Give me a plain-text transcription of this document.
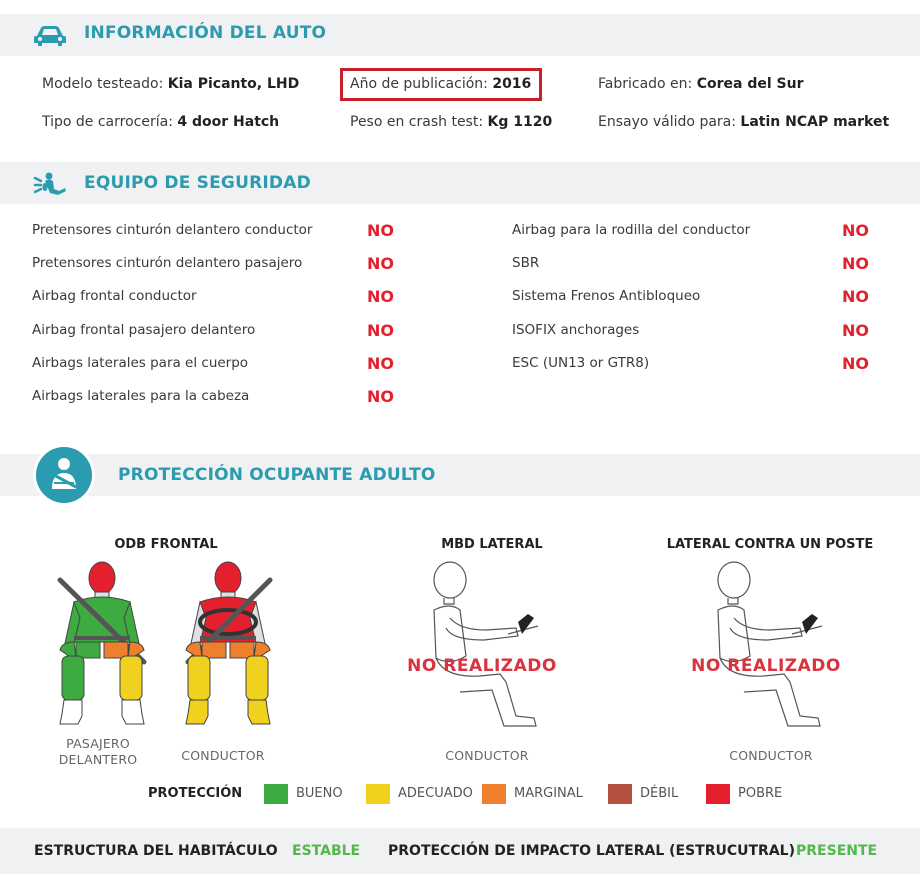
INFORMACIÓN DEL AUTO
Modelo testeado: Kia Picanto, LHD	Año de publicación: 2016	Fabricado en: Corea del Sur
Tipo de carrocería: 4 door Hatch	Peso en crash test: Kg 1120	Ensayo válido para: Latin NCAP market
EQUIPO DE SEGURIDAD
Pretensores cinturón delantero conductor	NO
Pretensores cinturón delantero pasajero	NO
Airbag frontal conductor	NO
Airbag frontal pasajero delantero	NO
Airbags laterales para el cuerpo	NO
Airbags laterales para la cabeza	NO
Airbag para la rodilla del conductor	NO
SBR	NO
Sistema Frenos Antibloqueo	NO
ISOFIX anchorages	NO
ESC (UN13 or GTR8)	NO
PROTECCIÓN OCUPANTE ADULTO
ODB FRONTAL	MBD LATERAL	LATERAL CONTRA UN POSTE
NO REALIZADO	NO REALIZADO
PASAJERO
DELANTERO	CONDUCTOR	CONDUCTOR	CONDUCTOR
PROTECCIÓN	BUENO	ADECUADO	MARGINAL	DÉBIL	POBRE
ESTRUCTURA DEL HABITÁCULO ESTABLE PROTECCIÓN DE IMPACTO LATERAL (ESTRUCUTRAL) PRESENTE
